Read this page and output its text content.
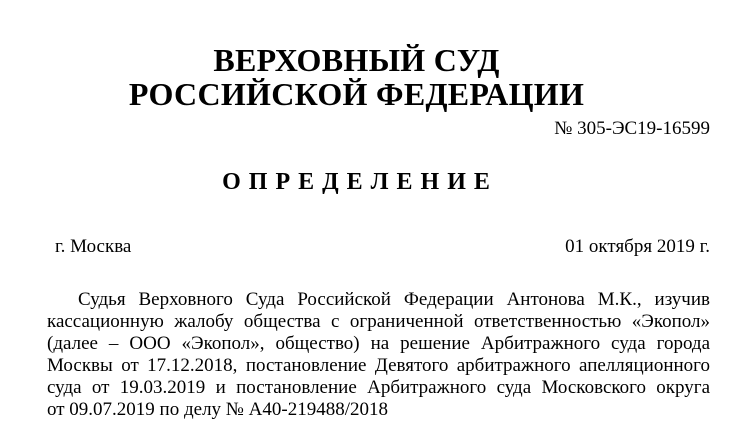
ВЕРХОВНЫЙ СУД
РОССИЙСКОЙ ФЕДЕРАЦИИ
№ 305-ЭС19-16599
О П Р Е Д Е Л Е Н И Е
г. Москва	01 октября 2019 г.
Судья Верховного Суда Российской Федерации Антонова М.К., изучив
кассационную жалобу общества с ограниченной ответственностью «Экопол»
(далее – ООО «Экопол», общество) на решение Арбитражного суда города
Москвы от 17.12.2018, постановление Девятого арбитражного апелляционного
суда от 19.03.2019 и постановление Арбитражного суда Московского округа
от 09.07.2019 по делу № А40-219488/2018
